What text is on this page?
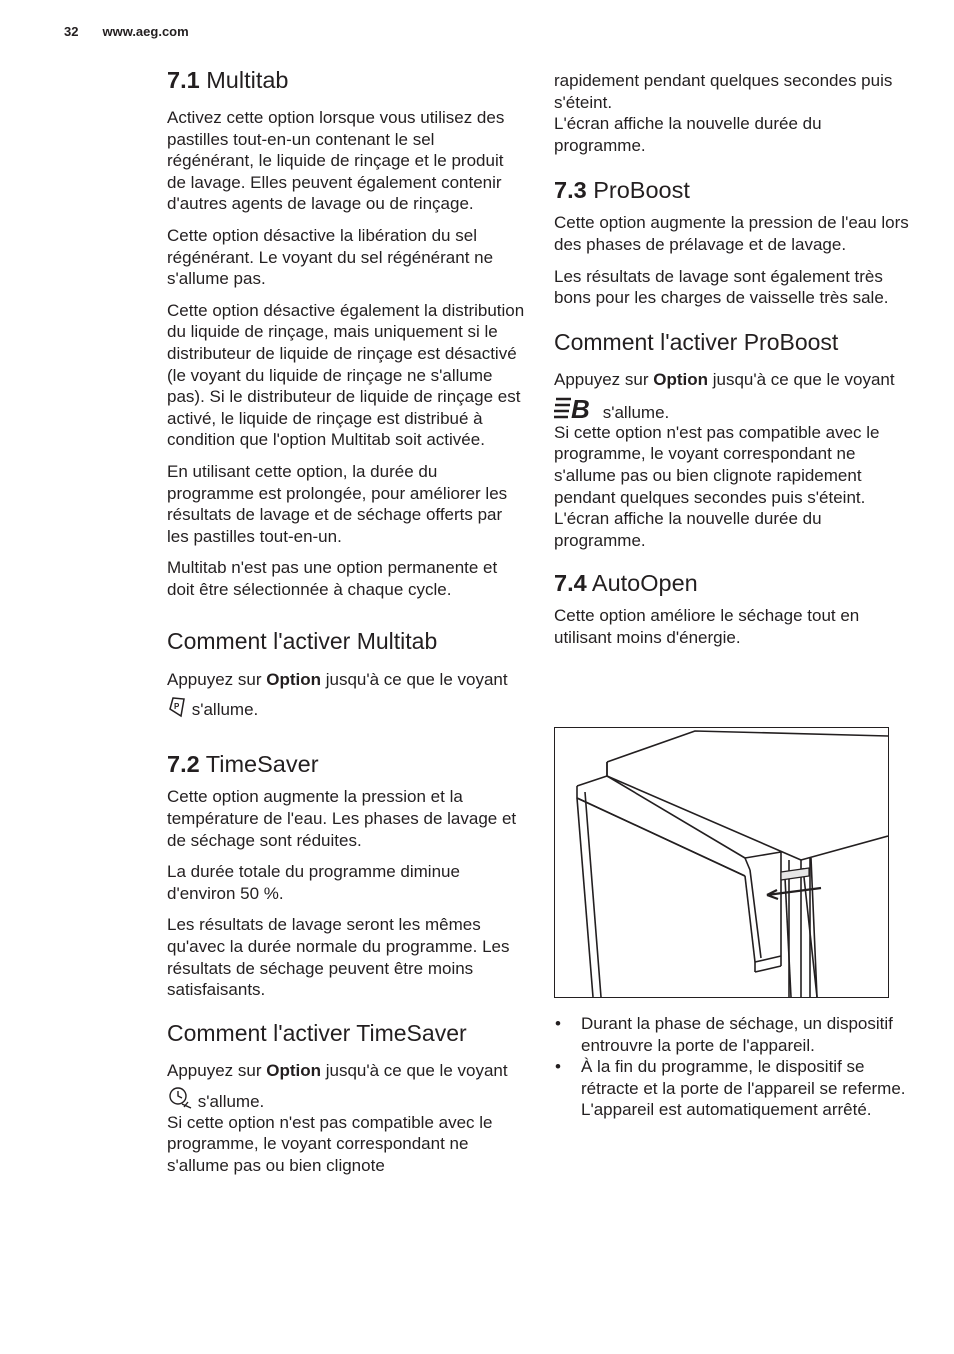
32 www.aeg.com
7.1 Multitab

Activez cette option lorsque vous utilisez des pastilles tout-en-un contenant le sel régénérant, le liquide de rinçage et le produit de lavage. Elles peuvent également contenir d'autres agents de lavage ou de rinçage.

Cette option désactive la libération du sel régénérant. Le voyant du sel régénérant ne s'allume pas.

Cette option désactive également la distribution du liquide de rinçage, mais uniquement si le distributeur de liquide de rinçage est désactivé (le voyant du liquide de rinçage ne s'allume pas). Si le distributeur de liquide de rinçage est activé, le liquide de rinçage est distribué à condition que l'option Multitab soit activée.

En utilisant cette option, la durée du programme est prolongée, pour améliorer les résultats de lavage et de séchage offerts par les pastilles tout-en-un.

Multitab n'est pas une option permanente et doit être sélectionnée à chaque cycle.

Comment l'activer Multitab

Appuyez sur Option jusqu'à ce que le voyant
P s'allume.

7.2 TimeSaver

Cette option augmente la pression et la température de l'eau. Les phases de lavage et de séchage sont réduites.

La durée totale du programme diminue d'environ 50 %.

Les résultats de lavage seront les mêmes qu'avec la durée normale du programme. Les résultats de séchage peuvent être moins satisfaisants.

Comment l'activer TimeSaver

Appuyez sur Option jusqu'à ce que le voyant  s'allume.

Si cette option n'est pas compatible avec le programme, le voyant correspondant ne s'allume pas ou bien clignote

rapidement pendant quelques secondes puis s'éteint.

L'écran affiche la nouvelle durée du programme.

7.3 ProBoost

Cette option augmente la pression de l'eau lors des phases de prélavage et de lavage.

Les résultats de lavage sont également très bons pour les charges de vaisselle très sale.

Comment l'activer ProBoost

Appuyez sur Option jusqu'à ce que le voyant
B s'allume.

Si cette option n'est pas compatible avec le programme, le voyant correspondant ne s'allume pas ou bien clignote rapidement pendant quelques secondes puis s'éteint.

L'écran affiche la nouvelle durée du programme.

7.4 AutoOpen

Cette option améliore le séchage tout en utilisant moins d'énergie.

• Durant la phase de séchage, un dispositif entrouvre la porte de l'appareil.
• À la fin du programme, le dispositif se rétracte et la porte de l'appareil se referme. L'appareil est automatiquement arrêté.
